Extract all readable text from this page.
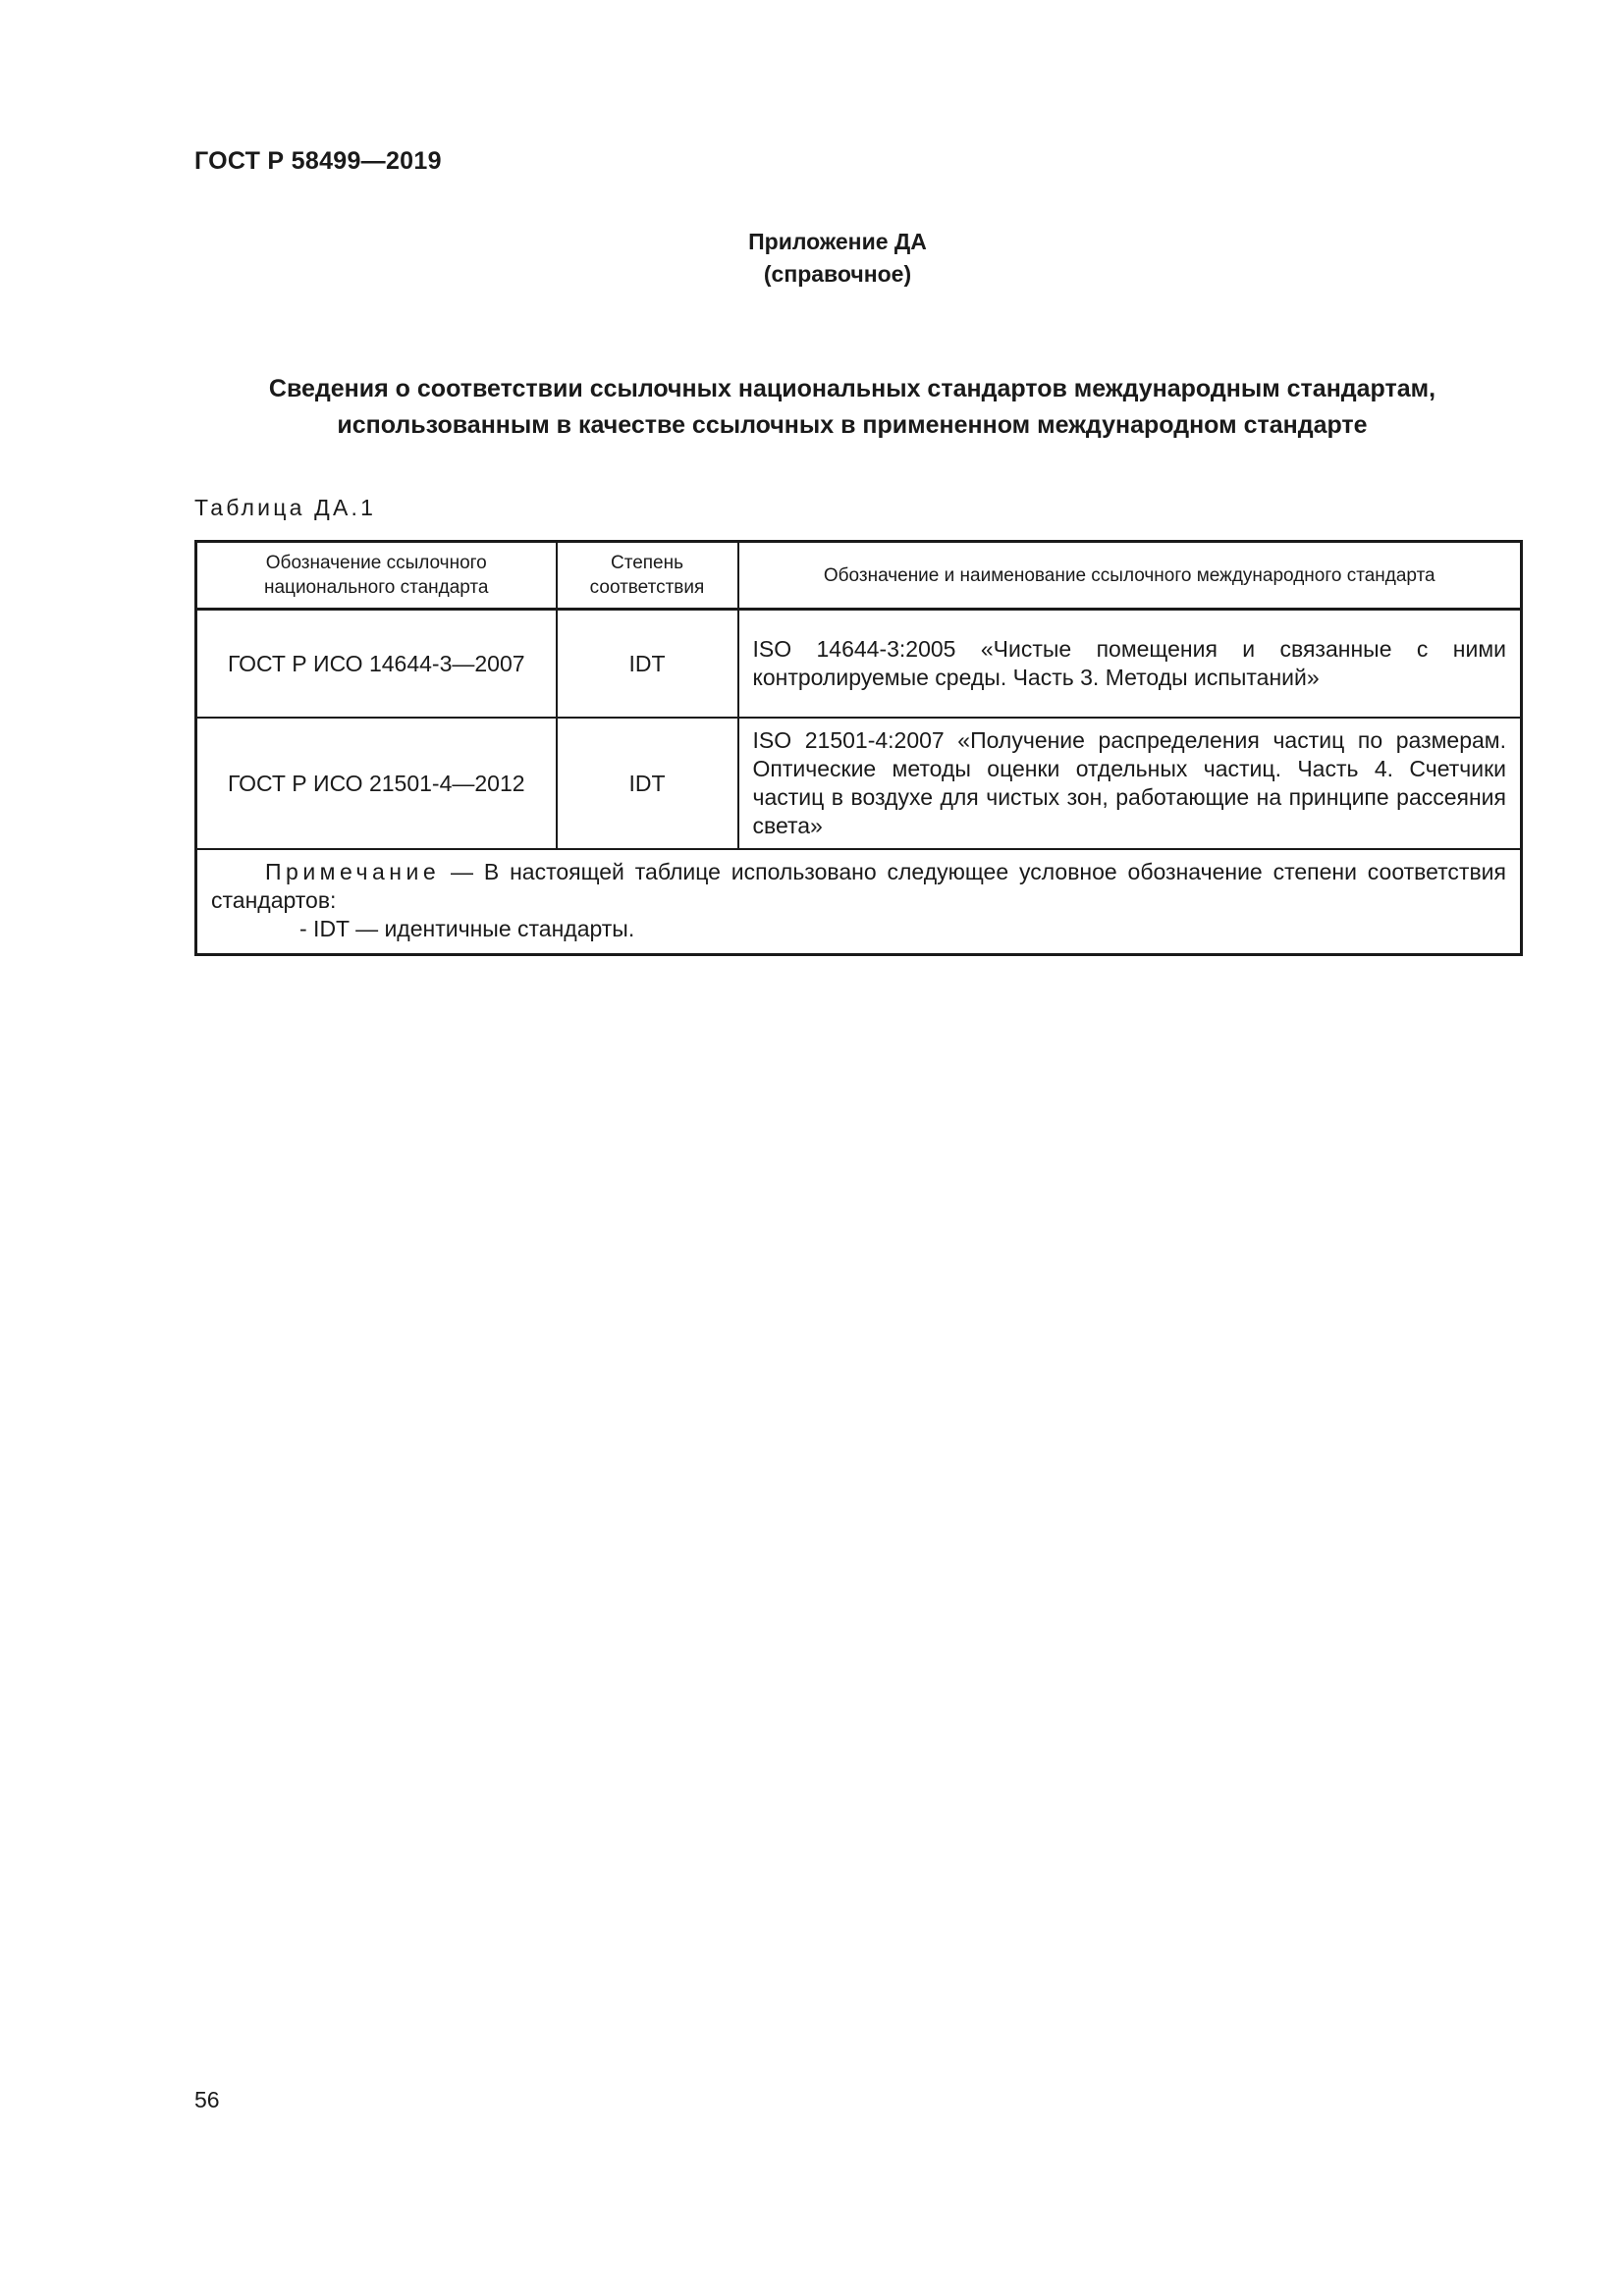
ГОСТ Р 58499—2019
Приложение ДА
(справочное)
Сведения о соответствии ссылочных национальных стандартов международным стандартам,
использованным в качестве ссылочных в примененном международном стандарте
Таблица ДА.1
Обозначение ссылочного национального стандарта	Степень соответствия	Обозначение и наименование ссылочного международного стандарта
ГОСТ Р ИСО 14644-3—2007	IDT	ISO 14644-3:2005 «Чистые помещения и связанные с ними контролируемые среды. Часть 3. Методы испытаний»
ГОСТ Р ИСО 21501-4—2012	IDT	ISO 21501-4:2007 «Получение распределения частиц по размерам. Оптические методы оценки отдельных частиц. Часть 4. Счетчики частиц в воздухе для чистых зон, работающие на принципе рассеяния света»
Примечание — В настоящей таблице использовано следующее условное обозначение степени соответствия стандартов:
- IDT — идентичные стандарты.		
56
